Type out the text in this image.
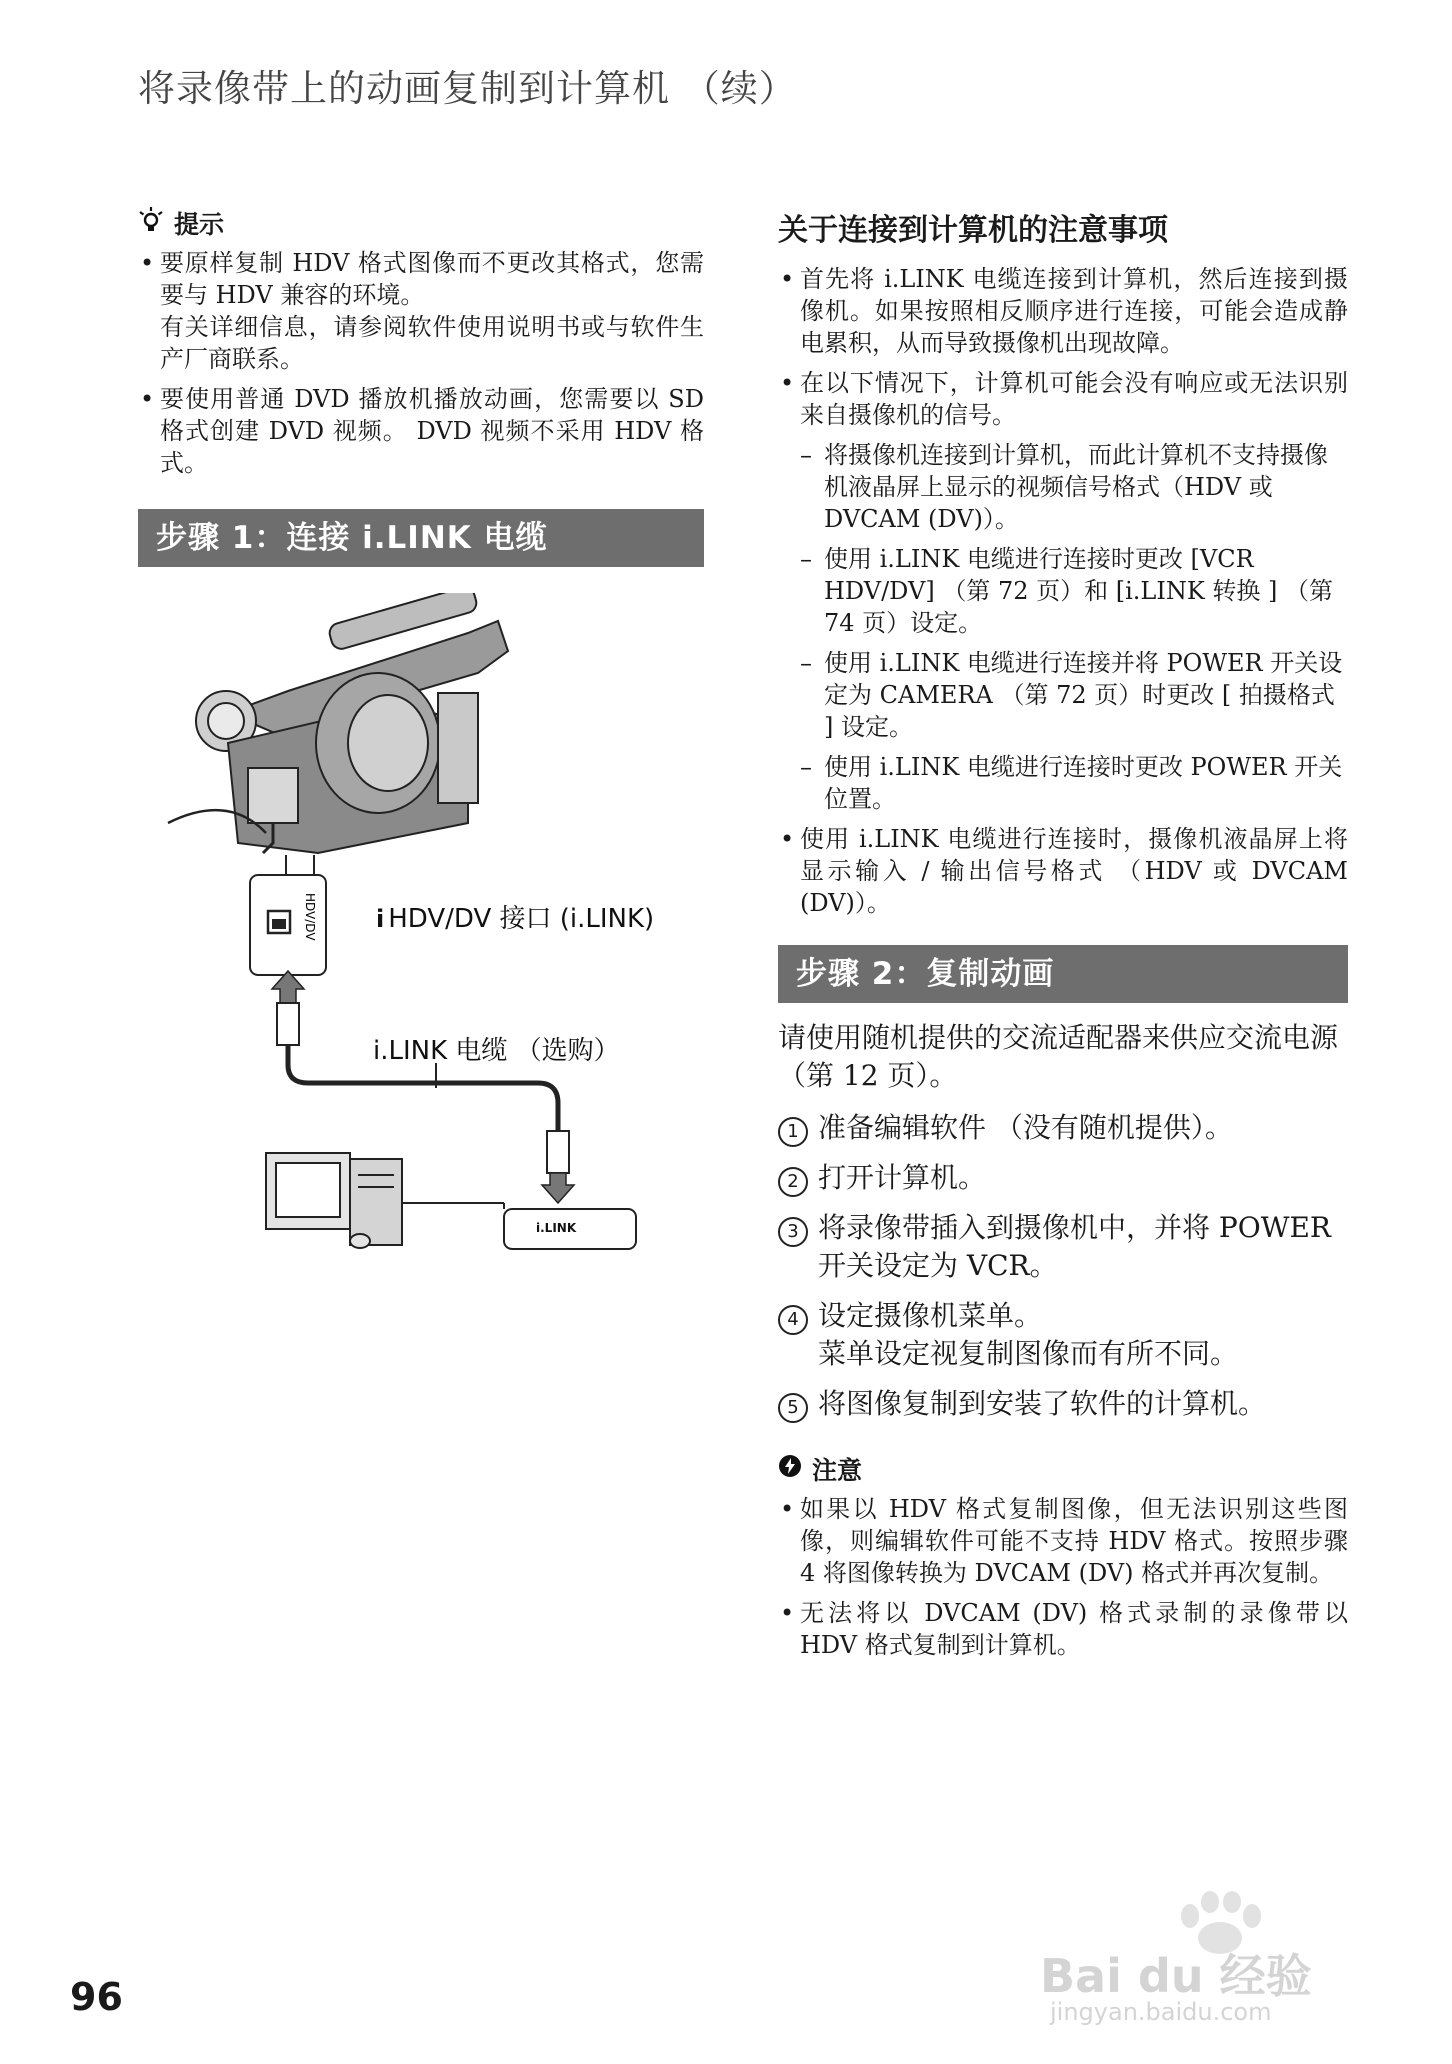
将录像带上的动画复制到计算机 （续）
提示
• 要原样复制 HDV 格式图像而不更改其格式，您需要与 HDV 兼容的环境。
有关详细信息，请参阅软件使用说明书或与软件生产厂商联系。
• 要使用普通 DVD 播放机播放动画，您需要以 SD 格式创建 DVD 视频。 DVD 视频不采用 HDV 格式。
步骤 1：连接 i.LINK 电缆
HDV/DV i HDV/DV 接口 (i.LINK)
i.LINK 电缆 （选购）
i.LINK
关于连接到计算机的注意事项
• 首先将 i.LINK 电缆连接到计算机，然后连接到摄像机。如果按照相反顺序进行连接，可能会造成静电累积，从而导致摄像机出现故障。
• 在以下情况下，计算机可能会没有响应或无法识别来自摄像机的信号。
– 将摄像机连接到计算机，而此计算机不支持摄像机液晶屏上显示的视频信号格式（HDV 或 DVCAM (DV)）。
– 使用 i.LINK 电缆进行连接时更改 [VCR HDV/DV] （第 72 页）和 [i.LINK 转换 ] （第 74 页）设定。
– 使用 i.LINK 电缆进行连接并将 POWER 开关设定为 CAMERA （第 72 页）时更改 [ 拍摄格式 ] 设定。
– 使用 i.LINK 电缆进行连接时更改 POWER 开关位置。
• 使用 i.LINK 电缆进行连接时，摄像机液晶屏上将显示输入 / 输出信号格式 （HDV 或 DVCAM (DV)）。
步骤 2：复制动画
请使用随机提供的交流适配器来供应交流电源 （第 12 页）。
1 准备编辑软件 （没有随机提供）。
2 打开计算机。
3 将录像带插入到摄像机中，并将 POWER 开关设定为 VCR。
4 设定摄像机菜单。
菜单设定视复制图像而有所不同。
5 将图像复制到安装了软件的计算机。
注意
• 如果以 HDV 格式复制图像，但无法识别这些图像，则编辑软件可能不支持 HDV 格式。按照步骤 4 将图像转换为 DVCAM (DV) 格式并再次复制。
• 无法将以 DVCAM (DV) 格式录制的录像带以 HDV 格式复制到计算机。
96	Bai du 经验
jingyan.baidu.com
